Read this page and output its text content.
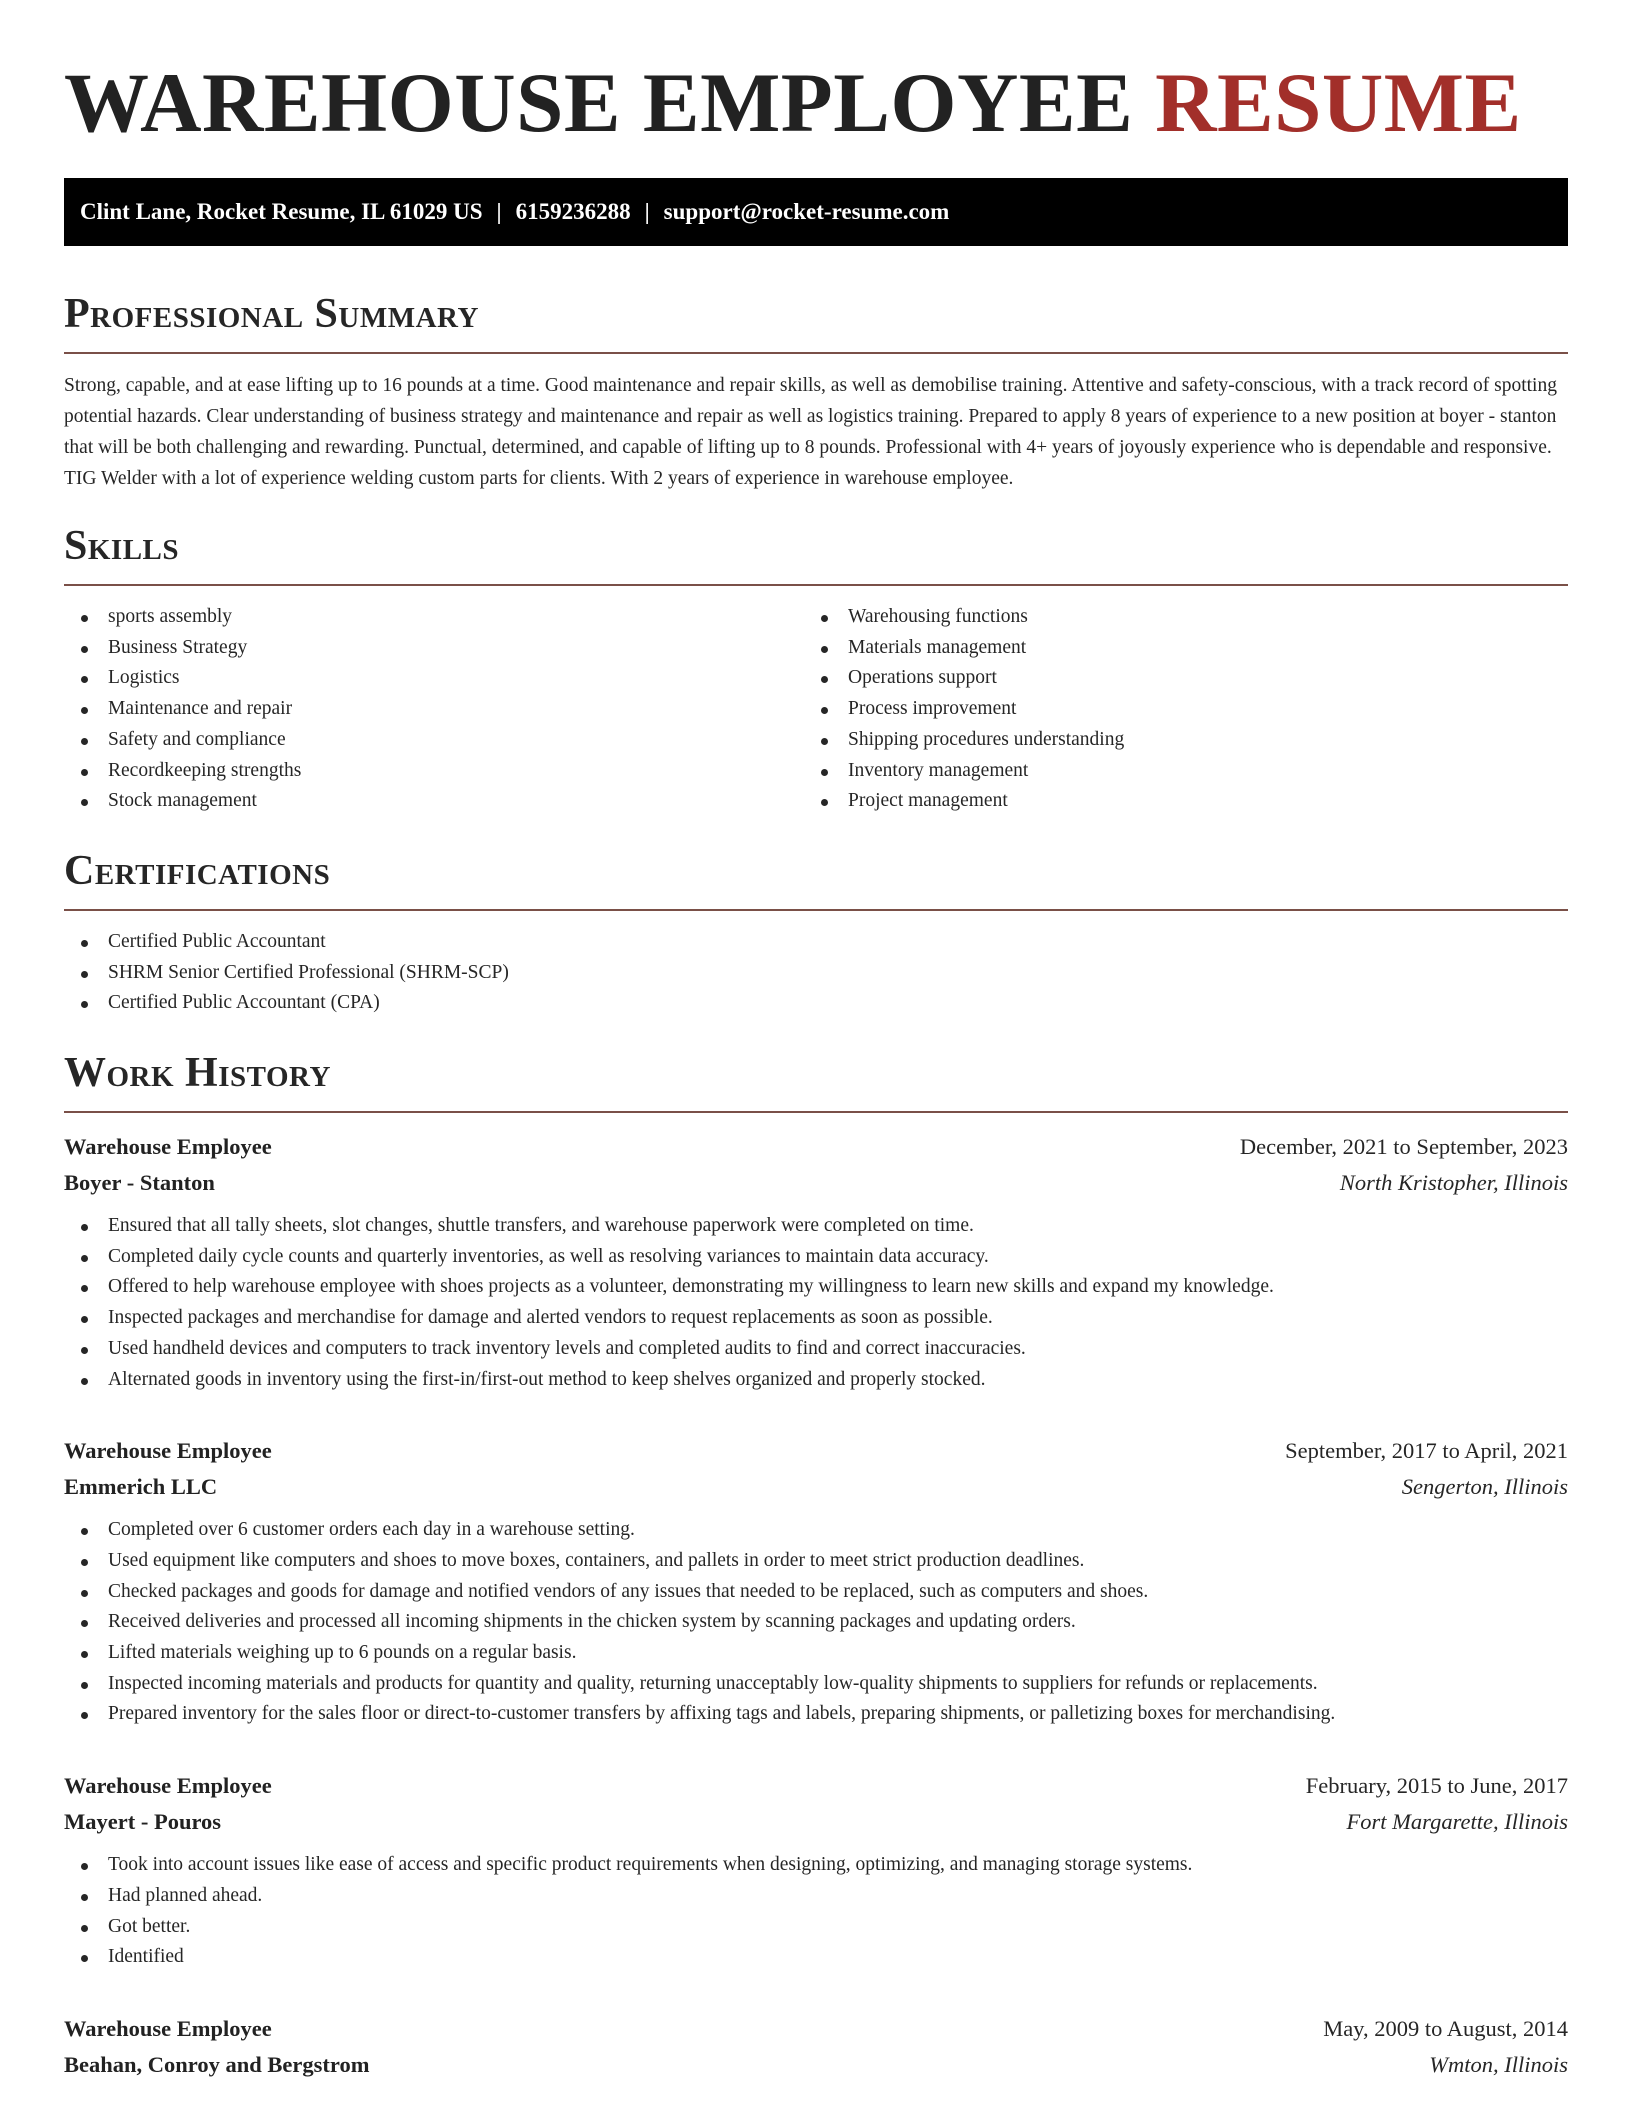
WAREHOUSE EMPLOYEE RESUME
Clint Lane, Rocket Resume, IL 61029 US | 6159236288 | support@rocket-resume.com
Professional Summary
Strong, capable, and at ease lifting up to 16 pounds at a time. Good maintenance and repair skills, as well as demobilise training. Attentive and safety-conscious, with a track record of spotting potential hazards. Clear understanding of business strategy and maintenance and repair as well as logistics training. Prepared to apply 8 years of experience to a new position at boyer - stanton that will be both challenging and rewarding. Punctual, determined, and capable of lifting up to 8 pounds. Professional with 4+ years of joyously experience who is dependable and responsive. TIG Welder with a lot of experience welding custom parts for clients. With 2 years of experience in warehouse employee.
Skills
sports assembly
Business Strategy
Logistics
Maintenance and repair
Safety and compliance
Recordkeeping strengths
Stock management
Warehousing functions
Materials management
Operations support
Process improvement
Shipping procedures understanding
Inventory management
Project management
Certifications
Certified Public Accountant
SHRM Senior Certified Professional (SHRM-SCP)
Certified Public Accountant (CPA)
Work History
Warehouse Employee	December, 2021 to September, 2023
Boyer - Stanton	North Kristopher, Illinois
Ensured that all tally sheets, slot changes, shuttle transfers, and warehouse paperwork were completed on time.
Completed daily cycle counts and quarterly inventories, as well as resolving variances to maintain data accuracy.
Offered to help warehouse employee with shoes projects as a volunteer, demonstrating my willingness to learn new skills and expand my knowledge.
Inspected packages and merchandise for damage and alerted vendors to request replacements as soon as possible.
Used handheld devices and computers to track inventory levels and completed audits to find and correct inaccuracies.
Alternated goods in inventory using the first-in/first-out method to keep shelves organized and properly stocked.
Warehouse Employee	September, 2017 to April, 2021
Emmerich LLC	Sengerton, Illinois
Completed over 6 customer orders each day in a warehouse setting.
Used equipment like computers and shoes to move boxes, containers, and pallets in order to meet strict production deadlines.
Checked packages and goods for damage and notified vendors of any issues that needed to be replaced, such as computers and shoes.
Received deliveries and processed all incoming shipments in the chicken system by scanning packages and updating orders.
Lifted materials weighing up to 6 pounds on a regular basis.
Inspected incoming materials and products for quantity and quality, returning unacceptably low-quality shipments to suppliers for refunds or replacements.
Prepared inventory for the sales floor or direct-to-customer transfers by affixing tags and labels, preparing shipments, or palletizing boxes for merchandising.
Warehouse Employee	February, 2015 to June, 2017
Mayert - Pouros	Fort Margarette, Illinois
Took into account issues like ease of access and specific product requirements when designing, optimizing, and managing storage systems.
Had planned ahead.
Got better.
Identified
Warehouse Employee	May, 2009 to August, 2014
Beahan, Conroy and Bergstrom	Wmton, Illinois
